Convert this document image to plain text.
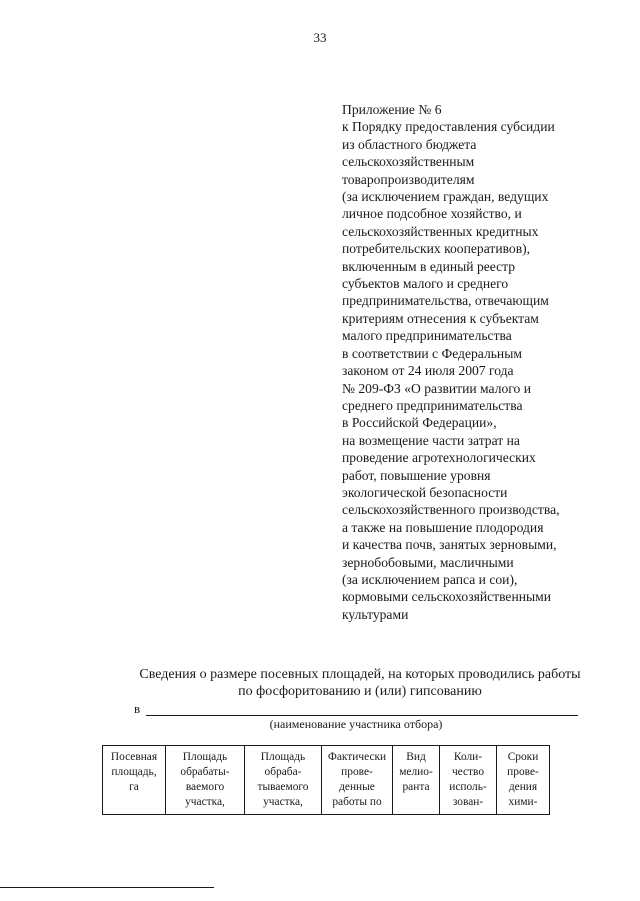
33
Приложение № 6
к Порядку предоставления субсидии
из областного бюджета
сельскохозяйственным
товаропроизводителям
(за исключением граждан, ведущих
личное подсобное хозяйство, и
сельскохозяйственных кредитных
потребительских кооперативов),
включенным в единый реестр
субъектов малого и среднего
предпринимательства, отвечающим
критериям отнесения к субъектам
малого предпринимательства
в соответствии с Федеральным
законом от 24 июля 2007 года
№ 209-ФЗ «О развитии малого и
среднего предпринимательства
в Российской Федерации»,
на возмещение части затрат на
проведение агротехнологических
работ, повышение уровня
экологической безопасности
сельскохозяйственного производства,
а также на повышение плодородия
и качества почв, занятых зерновыми,
зернобобовыми, масличными
(за исключением рапса и сои),
кормовыми сельскохозяйственными
культурами
Сведения о размере посевных площадей, на которых проводились работы
по фосфоритованию и (или) гипсованию
в
(наименование участника отбора)
Посевная
площадь,
га

Площадь
обрабаты-
ваемого
участка,

Площадь
обраба-
тываемого
участка,

Фактически
прове-
денные
работы по

Вид
мелио-
ранта

Коли-
чество
исполь-
зован-

Сроки
прове-
дения
хими-
